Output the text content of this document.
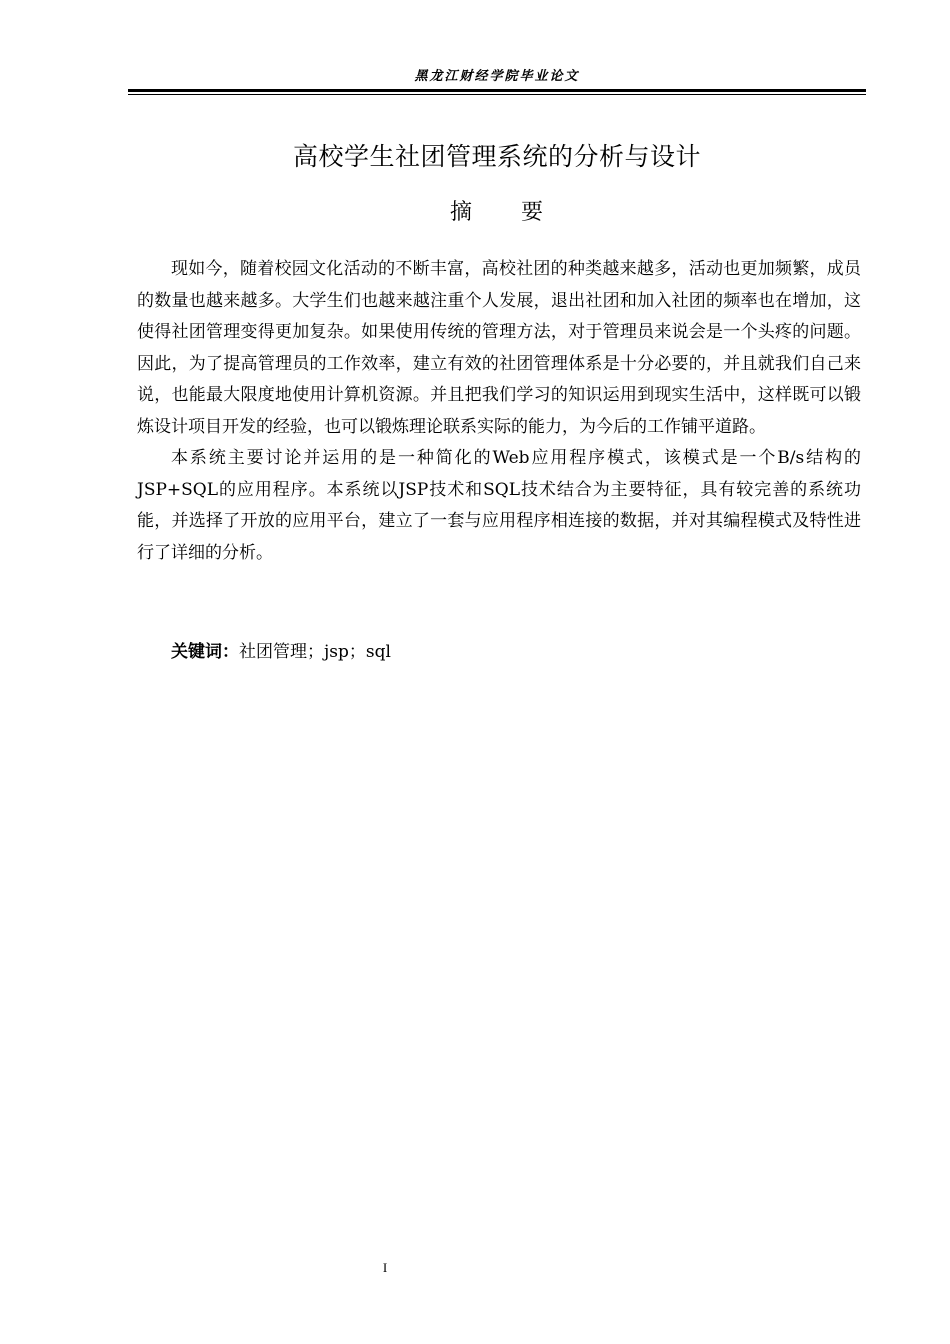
黑龙江财经学院毕业论文
高校学生社团管理系统的分析与设计
摘 要

现如今，随着校园文化活动的不断丰富，高校社团的种类越来越多，活动也更加频繁，成员的数量也越来越多。大学生们也越来越注重个人发展，退出社团和加入社团的频率也在增加，这使得社团管理变得更加复杂。如果使用传统的管理方法，对于管理员来说会是一个头疼的问题。因此，为了提高管理员的工作效率，建立有效的社团管理体系是十分必要的，并且就我们自己来说，也能最大限度地使用计算机资源。并且把我们学习的知识运用到现实生活中，这样既可以锻炼设计项目开发的经验，也可以锻炼理论联系实际的能力，为今后的工作铺平道路。

本系统主要讨论并运用的是一种简化的Web应用程序模式，该模式是一个B/s结构的JSP+SQL的应用程序。本系统以JSP技术和SQL技术结合为主要特征，具有较完善的系统功能，并选择了开放的应用平台，建立了一套与应用程序相连接的数据，并对其编程模式及特性进行了详细的分析。

关键词：社团管理；jsp；sql
I
